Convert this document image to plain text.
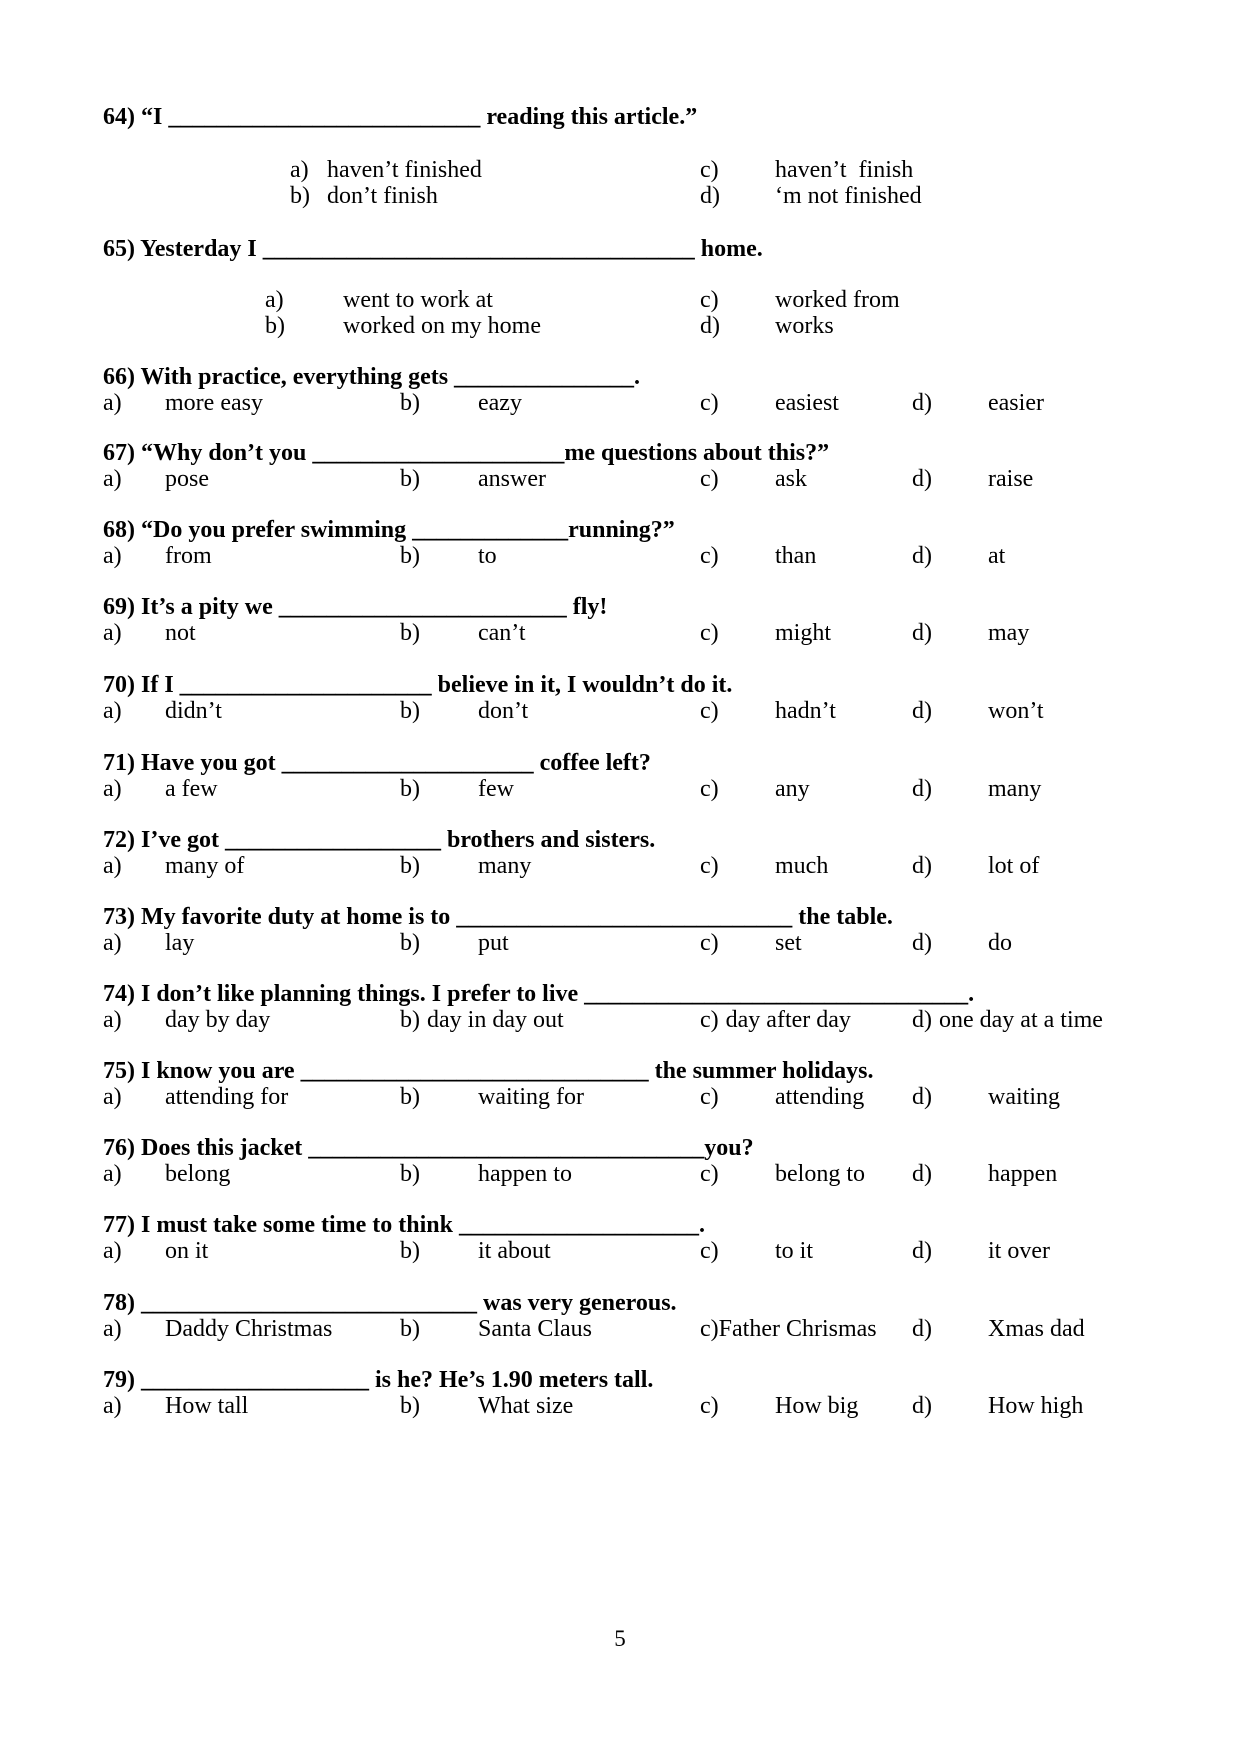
5
64) “I __________________________ reading this article.”
a) haven’t finished	c) haven’t  finish
b) don’t finish	d) ‘m not finished
65) Yesterday I ____________________________________ home.
a) went to work at	c) worked from
b) worked on my home	d) works
66) With practice, everything gets _______________.
a) more easy	b) eazy	c) easiest	d) easier
67) “Why don’t you _____________________me questions about this?”
a) pose	b) answer	c) ask	d) raise
68) “Do you prefer swimming _____________running?”
a) from	b) to	c) than	d) at
69) It’s a pity we ________________________ fly!
a) not	b) can’t	c) might	d) may
70) If I _____________________ believe in it, I wouldn’t do it.
a) didn’t	b) don’t	c) hadn’t	d) won’t
71) Have you got _____________________ coffee left?
a) a few	b) few	c) any	d) many
72) I’ve got __________________ brothers and sisters.
a) many of	b) many	c) much	d) lot of
73) My favorite duty at home is to ____________________________ the table.
a) lay	b) put	c) set	d) do
74) I don’t like planning things. I prefer to live ________________________________.
a) day by day	b) day in day out	c) day after day	d) one day at a time
75) I know you are _____________________________ the summer holidays.
a) attending for	b) waiting for	c) attending d) waiting
76) Does this jacket _________________________________you?
a) belong	b) happen to	c) belong to d) happen
77) I must take some time to think ____________________.
a) on it	b) it about	c) to it	d) it over
78) ____________________________ was very generous.
a) Daddy Christmas	b) Santa Claus	c)Father Chrismas d) Xmas dad
79) ___________________ is he? He’s 1.90 meters tall.
a) How tall	b) What size	c) How big d) How high
